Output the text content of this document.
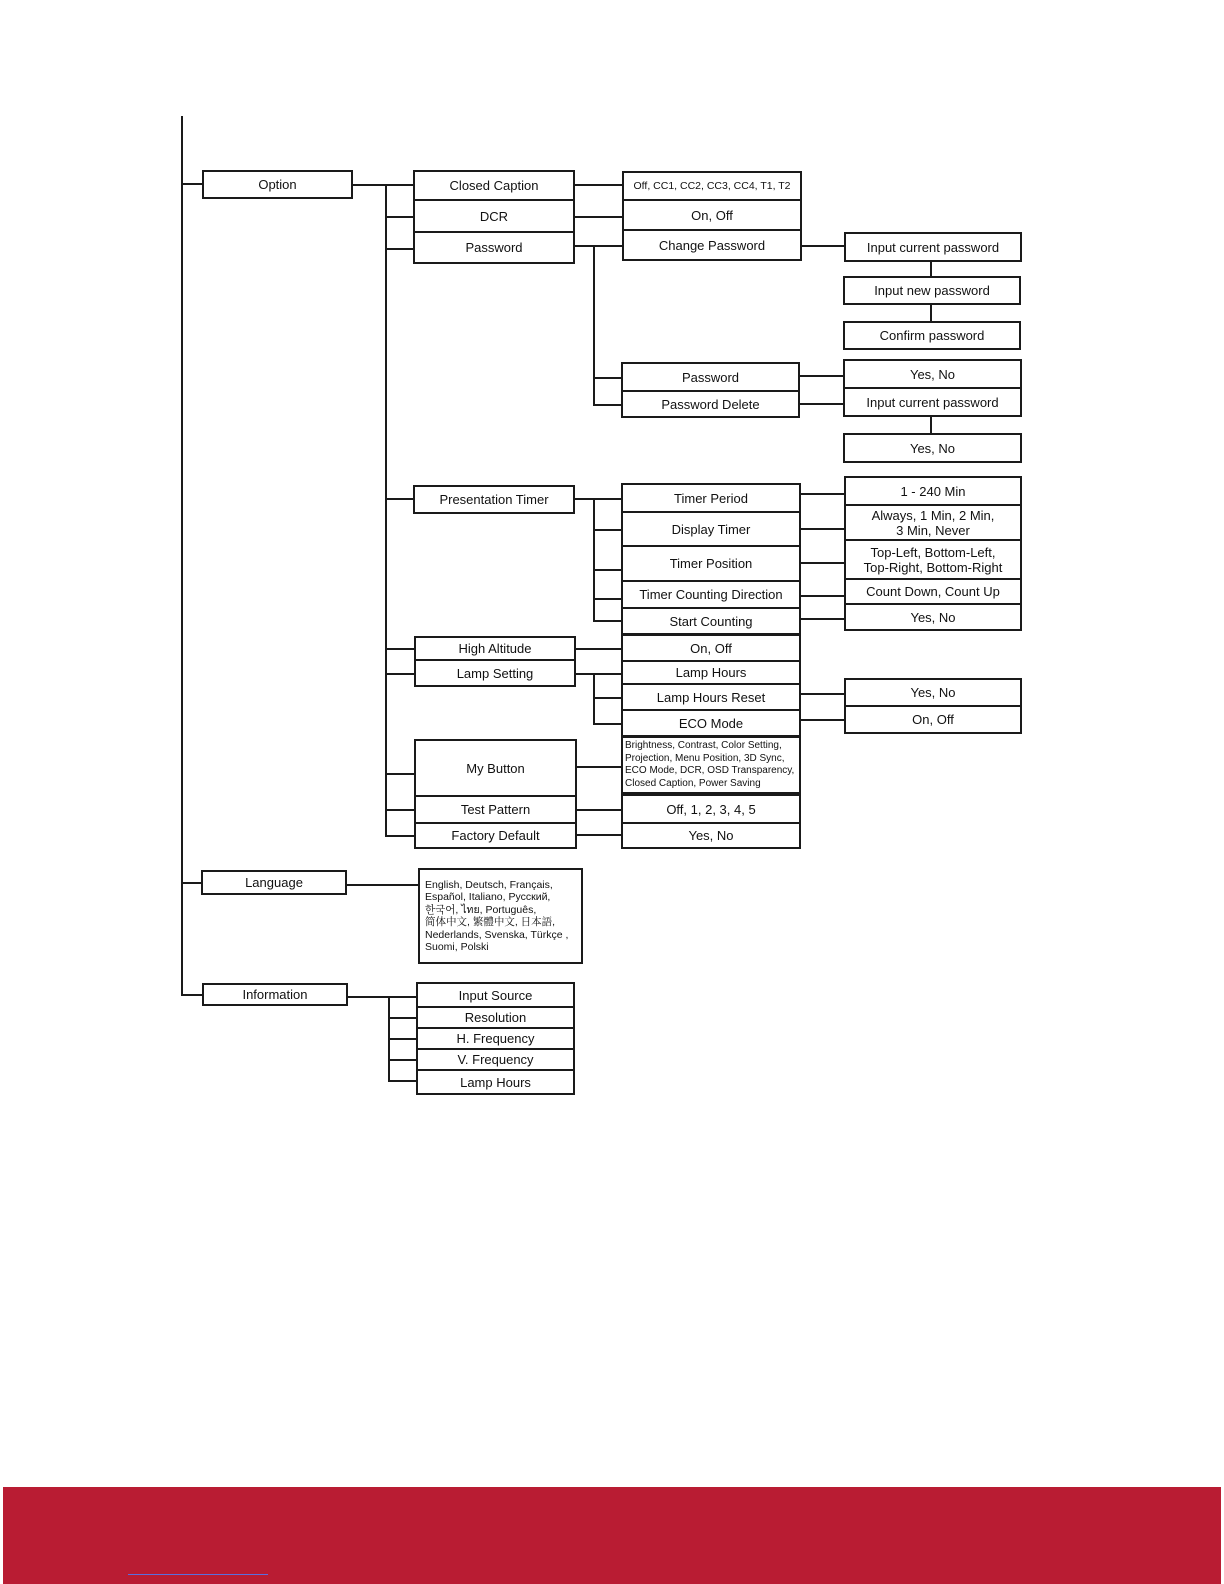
Option	Closed Caption
DCR
Password
Off, CC1, CC2, CC3, CC4, T1, T2
On, Off
Change Password	Input current password
Input new password
Confirm password
Password
Password Delete
Yes, No
Input current password
Yes, No
Presentation Timer	Timer Period
Display Timer
Timer Position
Timer Counting Direction
Start Counting
1 - 240 Min
Always, 1 Min, 2 Min,
3 Min, Never
Top-Left, Bottom-Left,
Top-Right, Bottom-Right
Count Down, Count Up
Yes, No
High Altitude
Lamp Setting
On, Off
Lamp Hours
Lamp Hours Reset
ECO Mode
Yes, No
On, Off
My Button
Test Pattern
Factory Default
Brightness, Contrast, Color Setting,
Projection, Menu Position, 3D Sync,
ECO Mode, DCR, OSD Transparency,
Closed Caption, Power Saving
Off, 1, 2, 3, 4, 5
Yes, No
Language	English, Deutsch, Français,
Español, Italiano, Русский,
한국어, ไทย, Português,
简体中文, 繁體中文, 日本語,
Nederlands, Svenska, Türkçe ,
Suomi, Polski
Information	Input Source
Resolution
H. Frequency
V. Frequency
Lamp Hours
